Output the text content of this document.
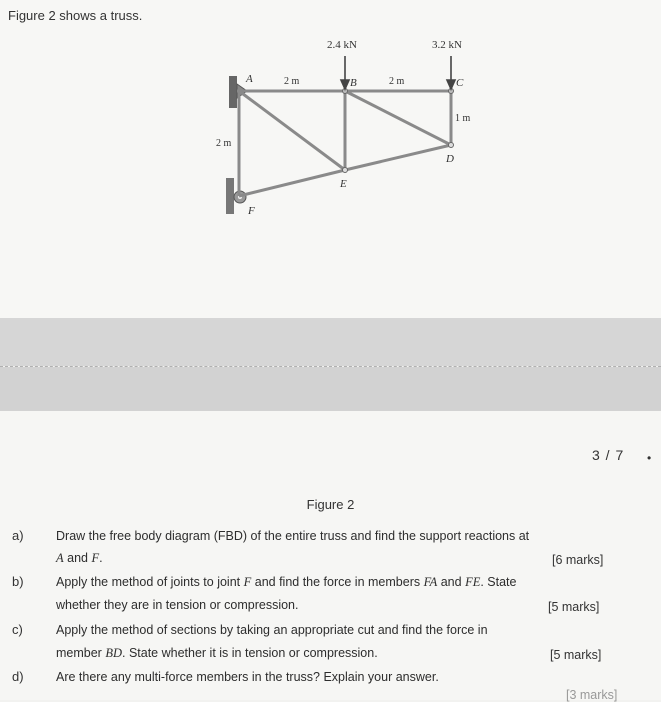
Figure 2 shows a truss.
2.4 kN	3.2 kN
2 m	2 m
1 m
2 m
A	B	C
D
E
F
3 / 7 •
Figure 2
a)	Draw the free body diagram (FBD) of the entire truss and find the support reactions at
A and F.	[6 marks]
b)	Apply the method of joints to joint F and find the force in members FA and FE. State
whether they are in tension or compression.	[5 marks]
c)	Apply the method of sections by taking an appropriate cut and find the force in
member BD. State whether it is in tension or compression.	[5 marks]
d)	Are there any multi-force members in the truss? Explain your answer.
[3 marks]
